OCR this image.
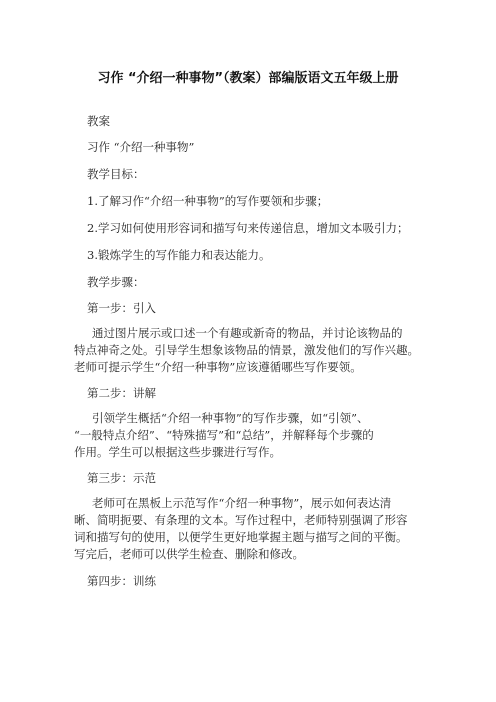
习作 “介绍一种事物”（教案）部编版语文五年级上册
教案
习作 “介绍一种事物”
教学目标：
1.了解习作“介绍一种事物”的写作要领和步骤；
2.学习如何使用形容词和描写句来传递信息，增加文本吸引力；
3.锻炼学生的写作能力和表达能力。
教学步骤：
第一步：引入
通过图片展示或口述一个有趣或新奇的物品，并讨论该物品的
特点神奇之处。引导学生想象该物品的情景，激发他们的写作兴趣。
老师可提示学生“介绍一种事物”应该遵循哪些写作要领。
第二步：讲解
引领学生概括“介绍一种事物”的写作步骤，如“引领”、
“一般特点介绍”、“特殊描写”和“总结”，并解释每个步骤的
作用。学生可以根据这些步骤进行写作。
第三步：示范
老师可在黑板上示范写作“介绍一种事物”，展示如何表达清
晰、简明扼要、有条理的文本。写作过程中，老师特别强调了形容
词和描写句的使用，以便学生更好地掌握主题与描写之间的平衡。
写完后，老师可以供学生检查、删除和修改。
第四步：训练
